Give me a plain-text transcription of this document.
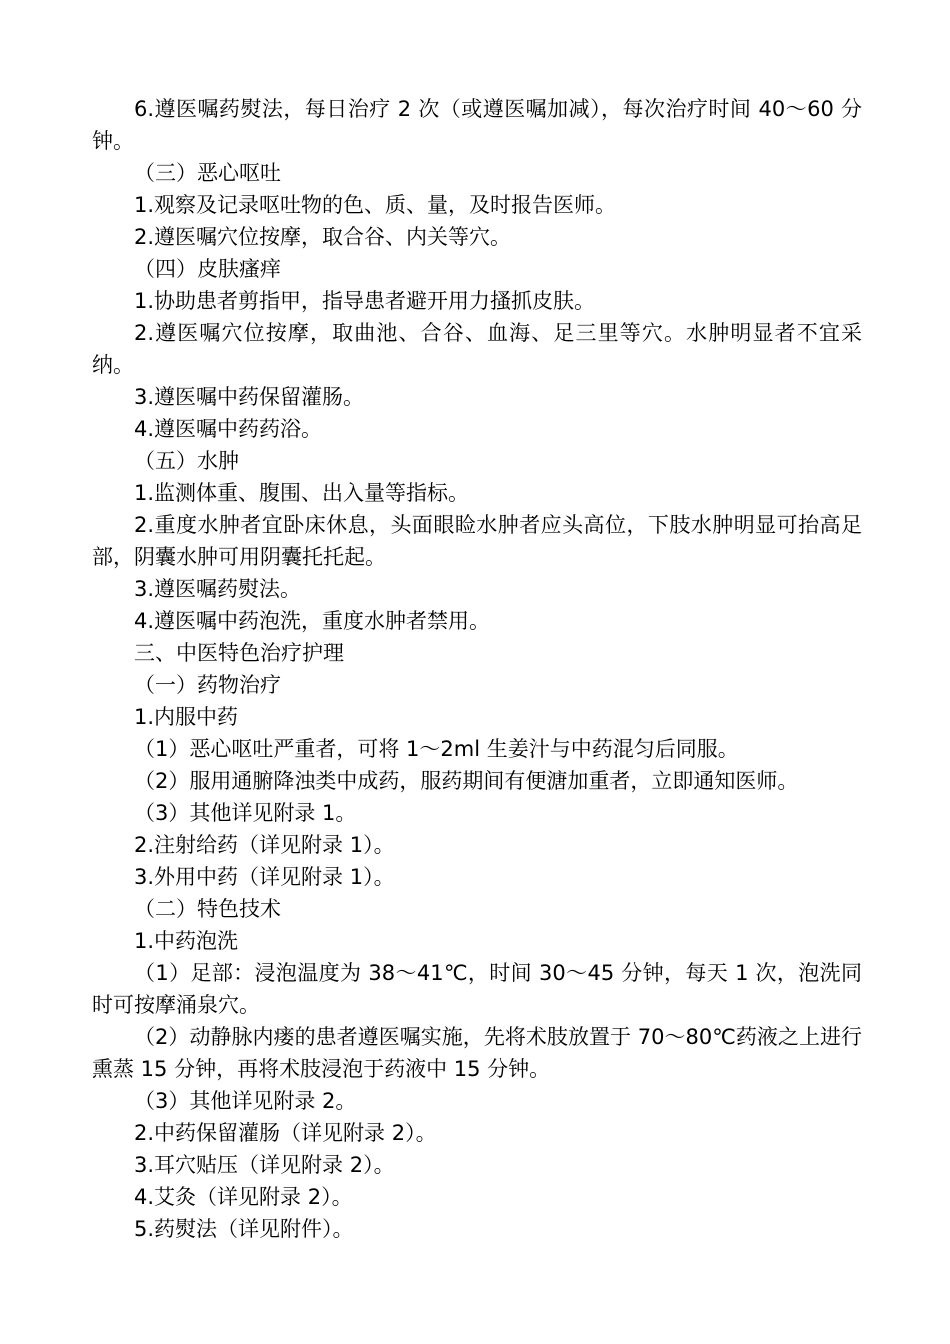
6.遵医嘱药熨法，每日治疗 2 次（或遵医嘱加减），每次治疗时间 40～60 分钟。

（三）恶心呕吐

1.观察及记录呕吐物的色、质、量，及时报告医师。

2.遵医嘱穴位按摩，取合谷、内关等穴。

（四）皮肤瘙痒

1.协助患者剪指甲，指导患者避开用力搔抓皮肤。

2.遵医嘱穴位按摩，取曲池、合谷、血海、足三里等穴。水肿明显者不宜采纳。

3.遵医嘱中药保留灌肠。

4.遵医嘱中药药浴。

（五）水肿

1.监测体重、腹围、出入量等指标。

2.重度水肿者宜卧床休息，头面眼睑水肿者应头高位，下肢水肿明显可抬高足部，阴囊水肿可用阴囊托托起。

3.遵医嘱药熨法。

4.遵医嘱中药泡洗，重度水肿者禁用。

三、中医特色治疗护理

（一）药物治疗

1.内服中药

（1）恶心呕吐严重者，可将 1～2ml 生姜汁与中药混匀后同服。

（2）服用通腑降浊类中成药，服药期间有便溏加重者，立即通知医师。

（3）其他详见附录 1。

2.注射给药（详见附录 1）。

3.外用中药（详见附录 1）。

（二）特色技术

1.中药泡洗

（1）足部：浸泡温度为 38～41℃，时间 30～45 分钟，每天 1 次，泡洗同时可按摩涌泉穴。

（2）动静脉内瘘的患者遵医嘱实施，先将术肢放置于 70～80℃药液之上进行熏蒸 15 分钟，再将术肢浸泡于药液中 15 分钟。

（3）其他详见附录 2。

2.中药保留灌肠（详见附录 2）。

3.耳穴贴压（详见附录 2）。

4.艾灸（详见附录 2）。

5.药熨法（详见附件）。
